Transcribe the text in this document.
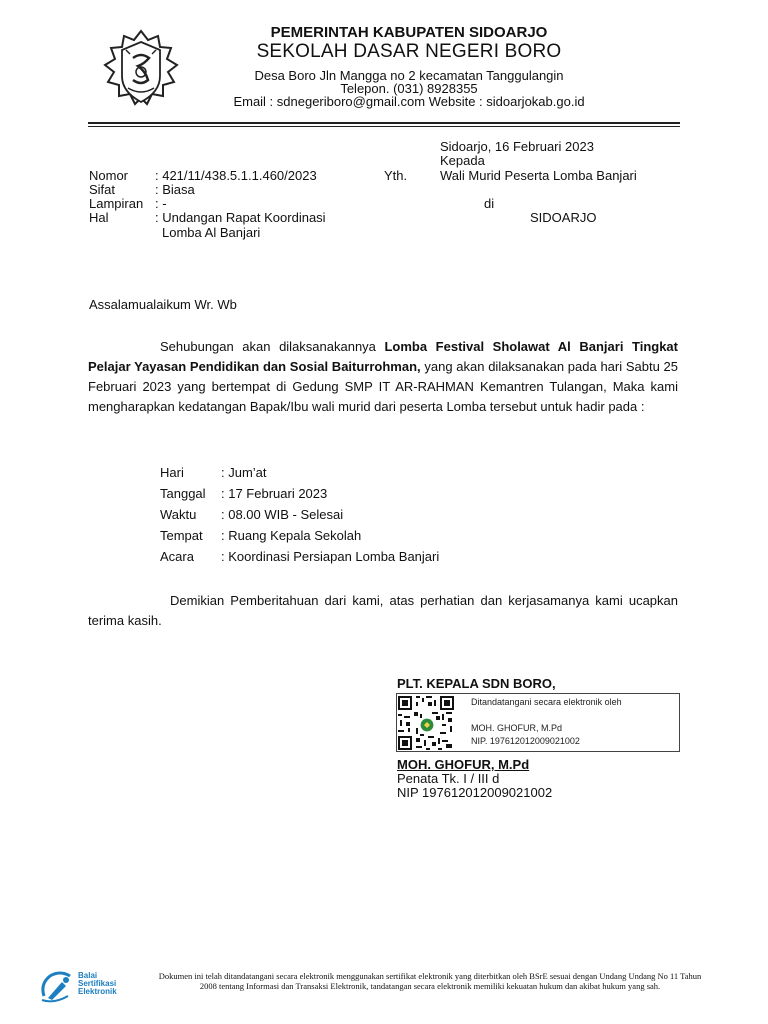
PEMERINTAH KABUPATEN SIDOARJO
SEKOLAH DASAR NEGERI BORO
Desa Boro Jln Mangga no 2 kecamatan Tanggulangin
Telepon. (031) 8928355
Email : sdnegeriboro@gmail.com Website : sidoarjokab.go.id
Sidoarjo, 16 Februari 2023
Kepada
Yth.	Wali Murid Peserta Lomba Banjari
di
SIDOARJO
Nomor : 421/11/438.5.1.1.460/2023
Sifat	: Biasa
Lampiran : -
Hal	: Undangan Rapat Koordinasi
Lomba Al Banjari
Assalamualaikum Wr. Wb
Sehubungan akan dilaksanakannya Lomba Festival Sholawat Al Banjari Tingkat Pelajar Yayasan Pendidikan dan Sosial Baiturrohman, yang akan dilaksanakan pada hari Sabtu 25 Februari 2023 yang bertempat di Gedung SMP IT AR-RAHMAN Kemantren Tulangan, Maka kami mengharapkan kedatangan Bapak/Ibu wali murid dari peserta Lomba tersebut untuk hadir pada :
Hari	: Jum’at
Tanggal : 17 Februari 2023
Waktu : 08.00 WIB - Selesai
Tempat : Ruang Kepala Sekolah
Acara : Koordinasi Persiapan Lomba Banjari
Demikian Pemberitahuan dari kami, atas perhatian dan kerjasamanya kami ucapkan terima kasih.
PLT. KEPALA SDN BORO,
Ditandatangani secara elektronik oleh
MOH. GHOFUR, M.Pd
NIP. 197612012009021002
MOH. GHOFUR, M.Pd
Penata Tk. I / III d
NIP 197612012009021002
Balai
Sertifikasi
Elektronik
Dokumen ini telah ditandatangani secara elektronik menggunakan sertifikat elektronik yang diterbitkan oleh BSrE sesuai dengan Undang Undang No 11 Tahun 2008 tentang Informasi dan Transaksi Elektronik, tandatangan secara elektronik memiliki kekuatan hukum dan akibat hukum yang sah.
